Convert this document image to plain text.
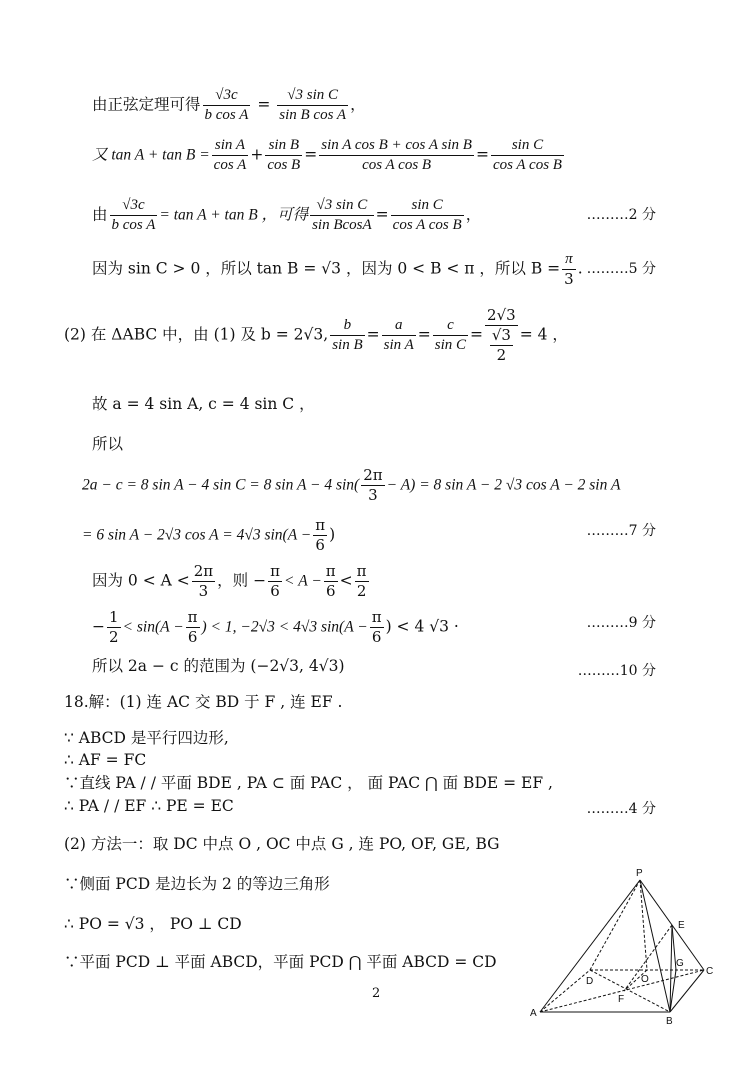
由正弦定理可得 $\frac{√3c}{\text{b cos A}} = \frac{\text{√3 sin C}}{\text{sin B cos A}}$ ，
又 $\tan A + \tan B = \frac{\text{sin A}}{\text{cos A}} + \frac{\text{sin B}}{\text{cos B}} = \frac{\text{sin A cos B + cos A sin B}}{\text{cos A cos B}} = \frac{\text{sin C}}{\text{cos A cos B}}$
由 $\frac{√3c}{\text{b cos A}} = \tan A + \tan B$ ，可得 $\frac{\text{√3 sin C}}{\text{sin BcosA}} = \frac{\text{sin C}}{\text{cos A cos B}}$ ，	………2 分
因为 sin C > 0 ，所以 tan B = √3 ，因为 0 < B < π ，所以 $B = \frac{\pi}{3}$ . ………5 分
(2) 在 ΔABC 中，由 (1) 及 b = 2√3, $\frac{b}{\text{sin B}} = \frac{a}{\text{sin A}} = \frac{c}{\text{sin C}} = \frac{2√3}{\frac{√3}{2}} = 4$ ，
故 a = 4 sin A, c = 4 sin C ，
所以
2a − c = 8 sin A − 4 sin C = 8 sin A − 4 $\sin( \frac{2\pi}{3} - A) = 8$ sin A − 2 √3 cos A − 2 sin A
= 6 sin A − 2√3 cos A = 4√3 $\sin(A - \frac{\pi}{6}$ )	………7 分
因为 $0 < A < \frac{2\pi}{3}$ ，则 − $\frac{\pi}{6} < A - \frac{\pi}{6} < \frac{\pi}{2}$
− $\frac{1}{2} < \sin(A - \frac{\pi}{6}$ ) < 1, −2√3 < 4√3 $\sin(A - \frac{\pi}{6}$ ) < 4 √3 ·	………9 分
所以 2a − c 的范围为 (−2√3, 4√3)	………10 分
18.解：(1) 连 AC 交 BD 于 F , 连 EF .
∵ ABCD 是平行四边形,
∴ AF = FC
∵直线 PA / / 平面 BDE , PA ⊂ 面 PAC ， 面 PAC ⋂ 面 BDE = EF ,
∴ PA / / EF ∴ PE = EC	………4 分
(2) 方法一：取 DC 中点 O , OC 中点 G , 连 PO, OF, GE, BG
∵侧面 PCD 是边长为 2 的等边三角形
∴ PO = √3 ， PO ⊥ CD
∵平面 PCD ⊥ 平面 ABCD，平面 PCD ⋂ 平面 ABCD = CD
2
P
E
G
C
D	O
F
A
B
